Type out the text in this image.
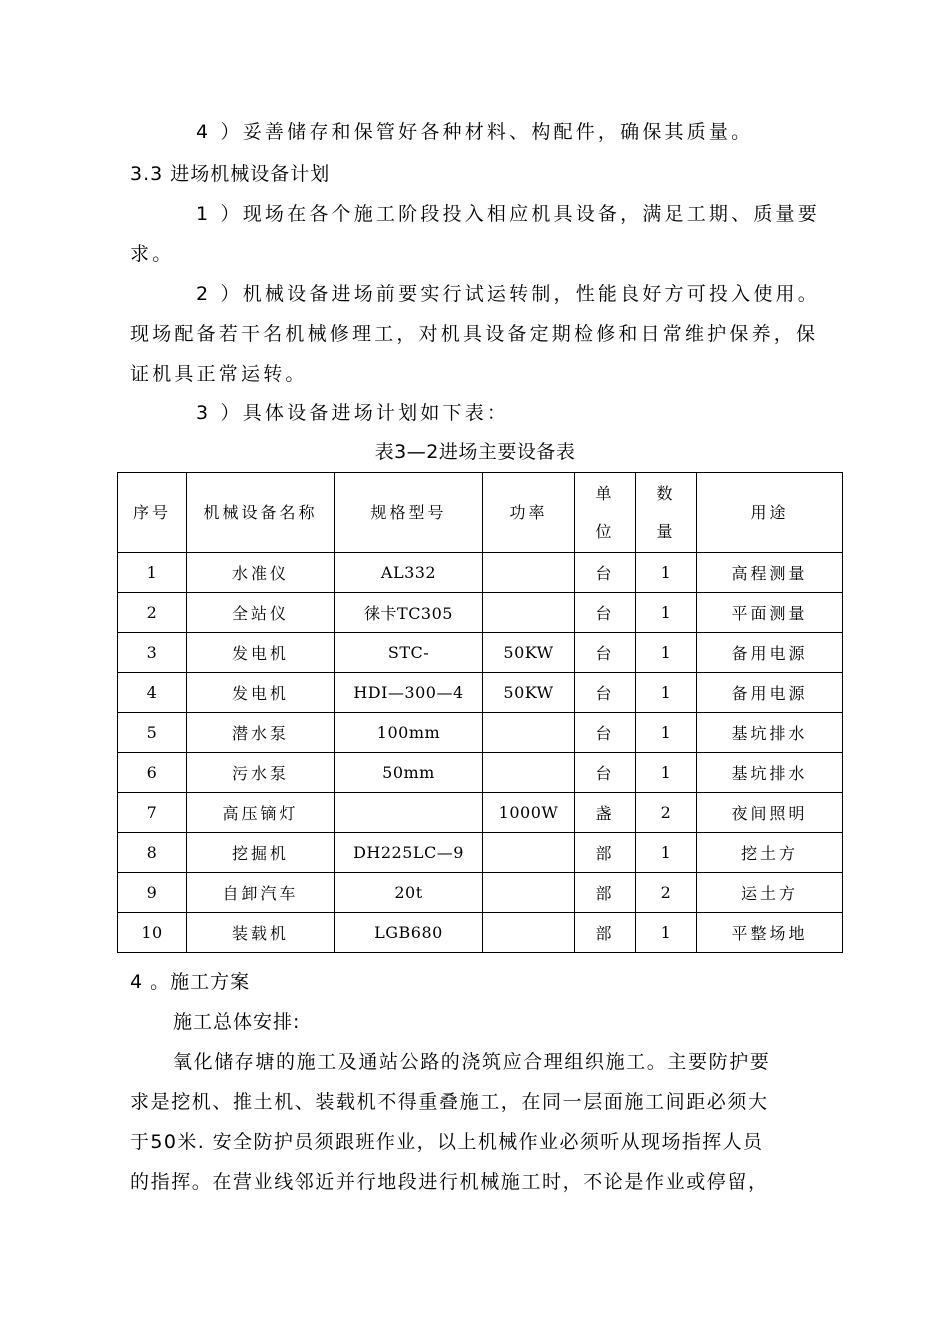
4 ）妥善储存和保管好各种材料、构配件，确保其质量。
3.3 进场机械设备计划
1 ）现场在各个施工阶段投入相应机具设备，满足工期、质量要
求。
2 ）机械设备进场前要实行试运转制，性能良好方可投入使用。
现场配备若干名机械修理工，对机具设备定期检修和日常维护保养，保
证机具正常运转。
3 ）具体设备进场计划如下表：
表3—2进场主要设备表
序号	机械设备名称	规格型号	功率	单位	数量	用途
1	水准仪	AL332		台	1	高程测量
2	全站仪	徕卡TC305		台	1	平面测量
3	发电机	STC-	50KW	台	1	备用电源
4	发电机	HDI—300—4	50KW	台	1	备用电源
5	潜水泵	100mm		台	1	基坑排水
6	污水泵	50mm		台	1	基坑排水
7	高压镝灯		1000W	盏	2	夜间照明
8	挖掘机	DH225LC—9		部	1	挖土方
9	自卸汽车	20t		部	2	运土方
10	装载机	LGB680		部	1	平整场地
4 。施工方案
施工总体安排:
氧化储存塘的施工及通站公路的浇筑应合理组织施工。主要防护要
求是挖机、推土机、装载机不得重叠施工，在同一层面施工间距必须大
于50米. 安全防护员须跟班作业，以上机械作业必须听从现场指挥人员
的指挥。在营业线邻近并行地段进行机械施工时，不论是作业或停留，
